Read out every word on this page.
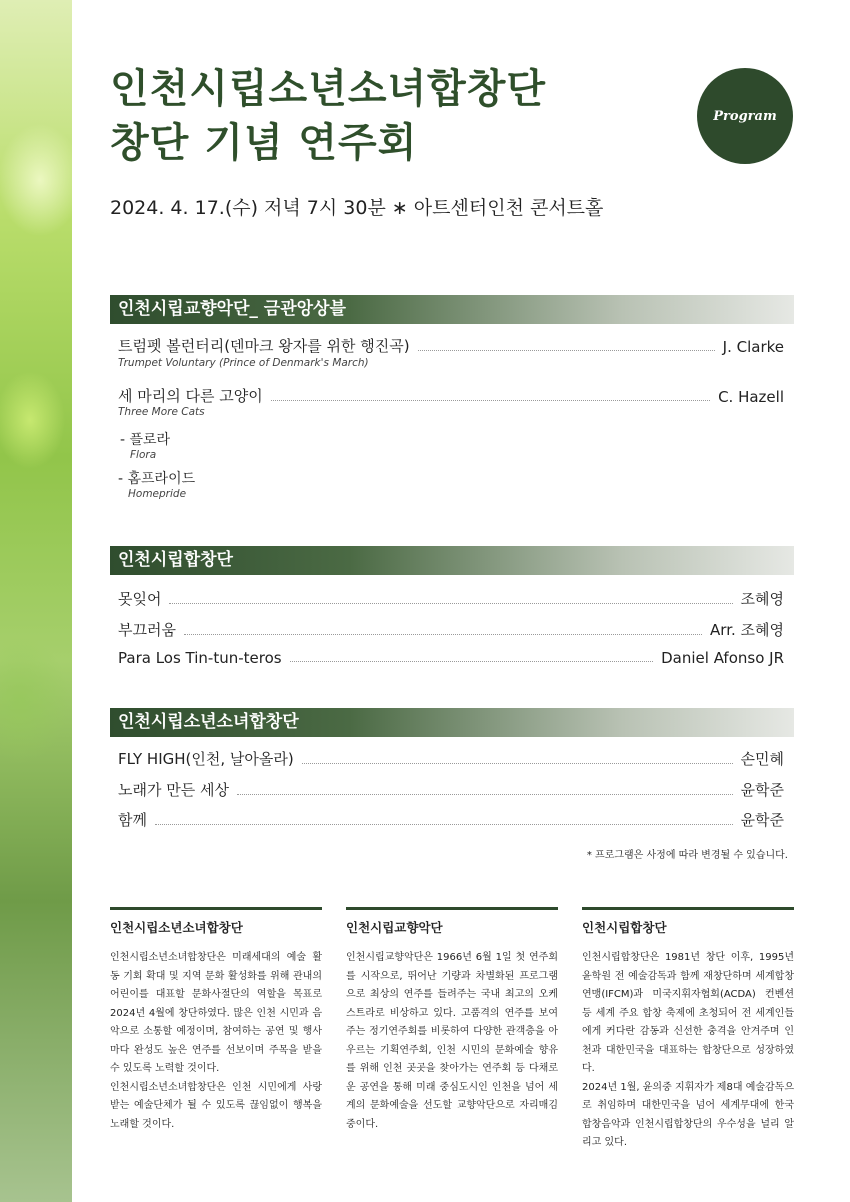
인천시립소년소녀합창단
창단 기념 연주회
Program
2024. 4. 17.(수) 저녁 7시 30분 ∗ 아트센터인천 콘서트홀
인천시립교향악단_ 금관앙상블
트럼펫 볼런터리(덴마크 왕자를 위한 행진곡)	J. Clarke
Trumpet Voluntary (Prince of Denmark's March)
세 마리의 다른 고양이	C. Hazell
Three More Cats
- 플로라
Flora
- 홈프라이드
Homepride
인천시립합창단
못잊어	조혜영
부끄러움	Arr. 조혜영
Para Los Tin-tun-teros	Daniel Afonso JR
인천시립소년소녀합창단
FLY HIGH(인천, 날아올라)	손민혜
노래가 만든 세상	윤학준
함께	윤학준
* 프로그램은 사정에 따라 변경될 수 있습니다.
인천시립소년소녀합창단
인천시립소년소녀합창단은 미래세대의 예술 활동 기회 확대 및 지역 문화 활성화를 위해 관내의 어린이를 대표할 문화사절단의 역할을 목표로 2024년 4월에 창단하였다. 많은 인천 시민과 음악으로 소통할 예정이며, 참여하는 공연 및 행사마다 완성도 높은 연주를 선보이며 주목을 받을 수 있도록 노력할 것이다.
인천시립소년소녀합창단은 인천 시민에게 사랑받는 예술단체가 될 수 있도록 끊임없이 행복을 노래할 것이다.
인천시립교향악단
인천시립교향악단은 1966년 6월 1일 첫 연주회를 시작으로, 뛰어난 기량과 차별화된 프로그램으로 최상의 연주를 들려주는 국내 최고의 오케스트라로 비상하고 있다. 고품격의 연주를 보여주는 정기연주회를 비롯하여 다양한 관객층을 아우르는 기획연주회, 인천 시민의 문화예술 향유를 위해 인천 곳곳을 찾아가는 연주회 등 다채로운 공연을 통해 미래 중심도시인 인천을 넘어 세계의 문화예술을 선도할 교향악단으로 자리매김 중이다.
인천시립합창단
인천시립합창단은 1981년 창단 이후, 1995년 윤학원 전 예술감독과 함께 재창단하며 세계합창연맹(IFCM)과 미국지휘자협회(ACDA) 컨벤션 등 세계 주요 합창 축제에 초청되어 전 세계인들에게 커다란 감동과 신선한 충격을 안겨주며 인천과 대한민국을 대표하는 합창단으로 성장하였다.
2024년 1월, 윤의중 지휘자가 제8대 예술감독으로 취임하며 대한민국을 넘어 세계무대에 한국 합창음악과 인천시립합창단의 우수성을 널리 알리고 있다.
